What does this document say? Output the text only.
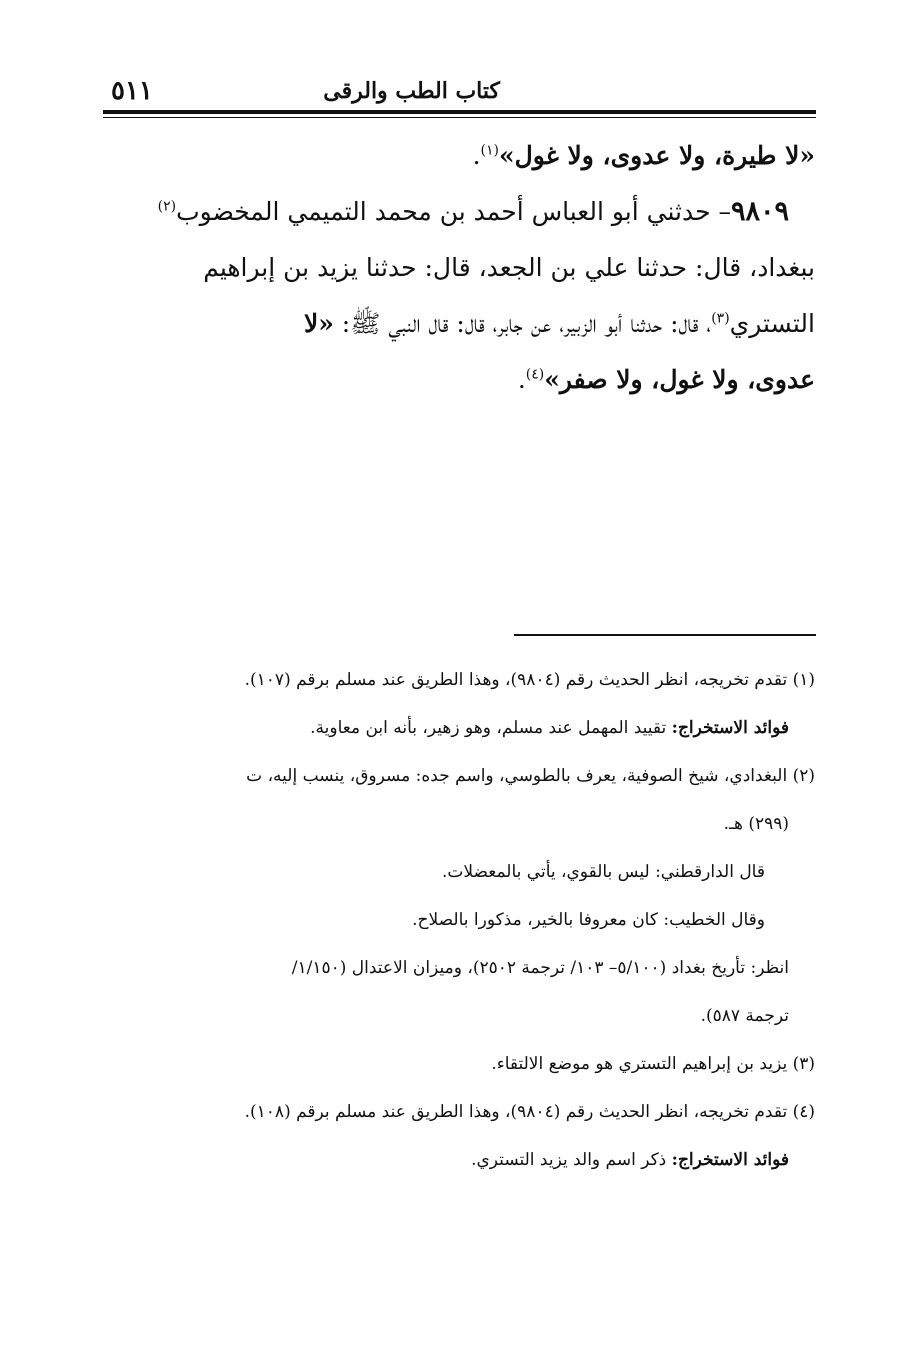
كتاب الطب والرقى
٥١١

«لا طيرة، ولا عدوى، ولا غول»$^{(١)}$.

٩٨٠٩– حدثني أبو العباس أحمد بن محمد التميمي المخضوب$^{(٢)}$

ببغداد، قال: حدثنا علي بن الجعد، قال: حدثنا يزيد بن إبراهيم

التستري$^{(٣)}$، قال: حدثنا أبو الزبير، عن جابر، قال: قال النبي ﷺ: «لا

عدوى، ولا غول، ولا صفر»$^{(٤)}$.

(١) تقدم تخريجه، انظر الحديث رقم (٩٨٠٤)، وهذا الطريق عند مسلم برقم (١٠٧).

فوائد الاستخراج: تقييد المهمل عند مسلم، وهو زهير، بأنه ابن معاوية.

(٢) البغدادي، شيخ الصوفية، يعرف بالطوسي، واسم جده: مسروق، ينسب إليه، ت

(٢٩٩) هـ.

قال الدارقطني: ليس بالقوي، يأتي بالمعضلات.

وقال الخطيب: كان معروفا بالخير، مذكورا بالصلاح.

انظر: تأريخ بغداد (٥/١٠٠– ١٠٣/ ترجمة ٢٥٠٢)، وميزان الاعتدال (١/١٥٠/

ترجمة ٥٨٧).

(٣) يزيد بن إبراهيم التستري هو موضع الالتقاء.

(٤) تقدم تخريجه، انظر الحديث رقم (٩٨٠٤)، وهذا الطريق عند مسلم برقم (١٠٨).

فوائد الاستخراج: ذكر اسم والد يزيد التستري.
